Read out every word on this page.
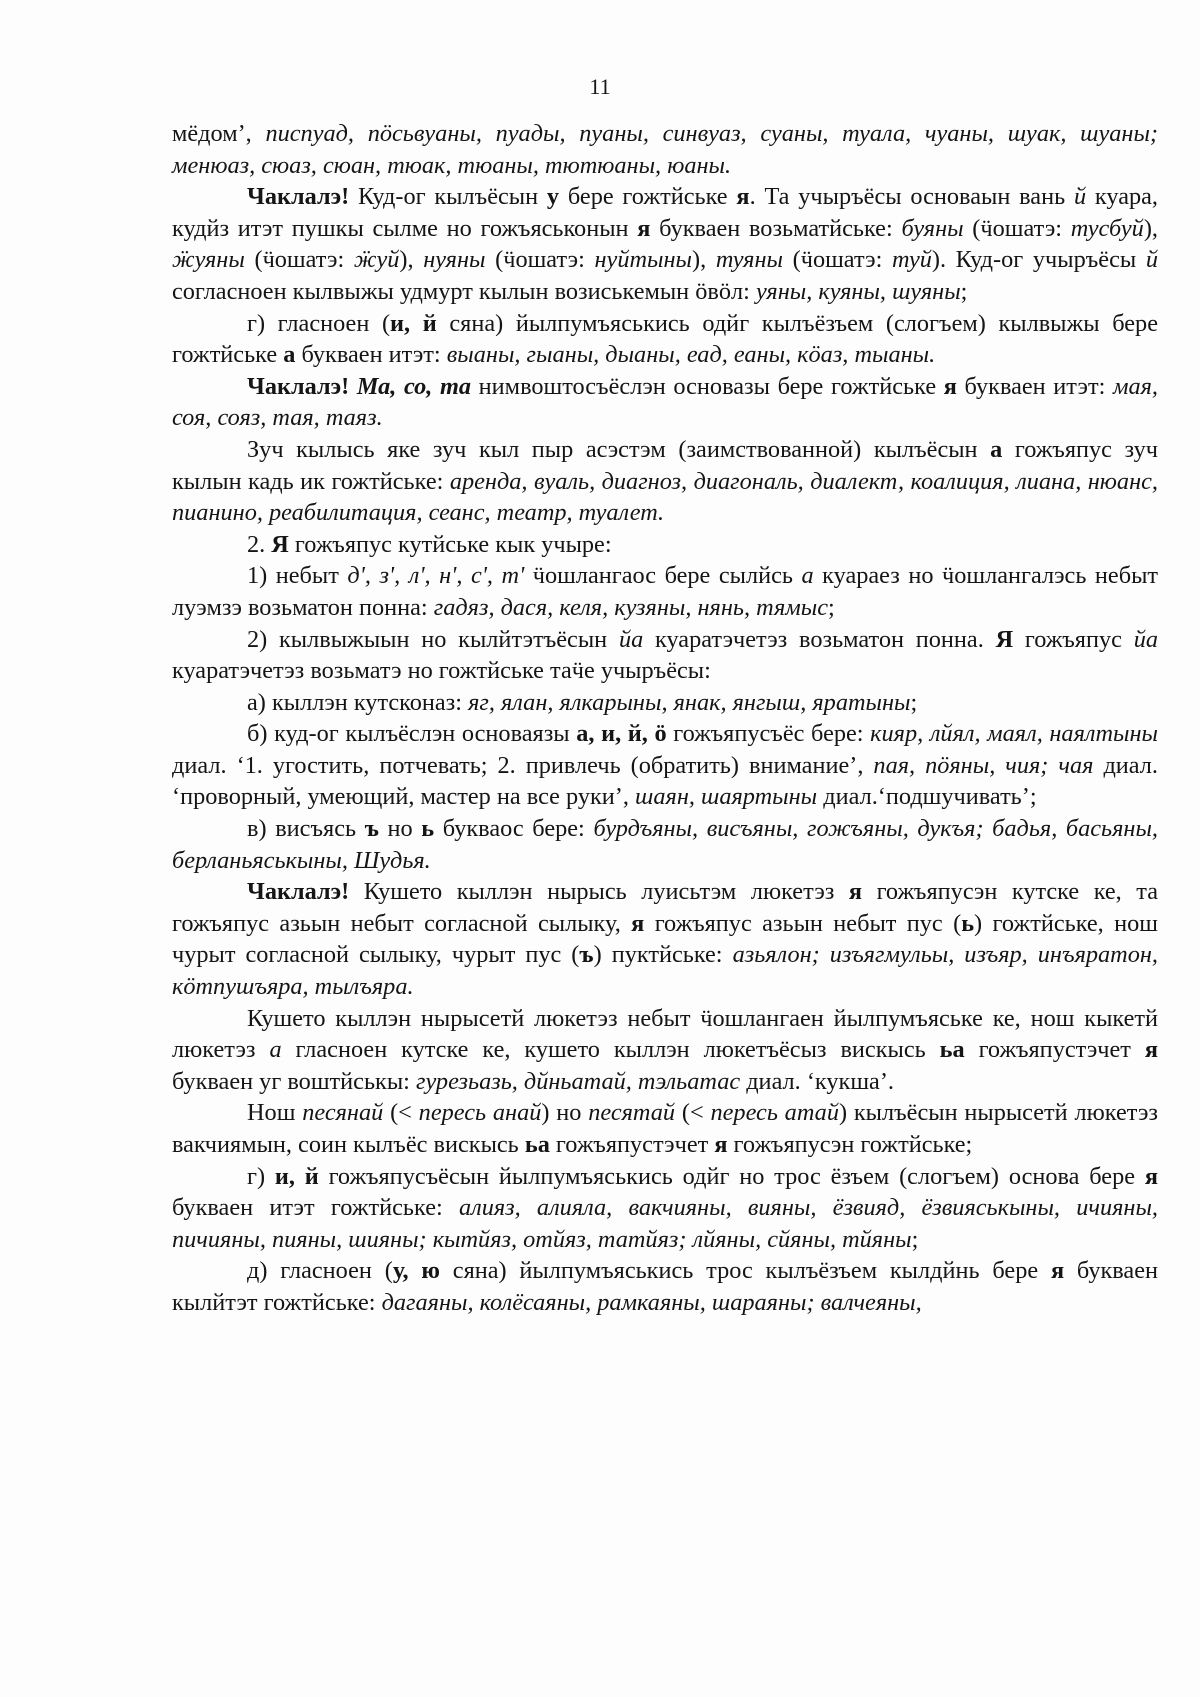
11

мёдом’, писпуад, пöсьвуаны, пуады, пуаны, синвуаз, суаны, туала, чуаны, шуак, шуаны; менюаз, сюаз, сюан, тюак, тюаны, тютюаны, юаны.

Чаклалэ! Куд-ог кылъёсын у бере гожтйське я. Та учыръёсы основаын вань й куара, кудйз итэт пушкы сылме но гожъяськонын я букваен возьматйське: буяны (ӵошатэ: тусбуй), ӝуяны (ӵошатэ: ӝуй), нуяны (ӵошатэ: нуйтыны), туяны (ӵошатэ: туй). Куд-ог учыръёсы й согласноен кылвыжы удмурт кылын возиськемын öвöл: уяны, куяны, шуяны;

г) гласноен (и, й сяна) йылпумъяськись одйг кылъёзъем (слогъем) кылвыжы бере гожтйське а букваен итэт: выаны, гыаны, дыаны, еад, еаны, кöаз, тыаны.

Чаклалэ! Ма, со, та нимвоштосъёслэн основазы бере гожтйське я букваен итэт: мая, соя, сояз, тая, таяз.

Зуч кылысь яке зуч кыл пыр асэстэм (заимствованной) кылъёсын а гожъяпус зуч кылын кадь ик гожтйське: аренда, вуаль, диагноз, диагональ, диалект, коалиция, лиана, нюанс, пианино, реабилитация, сеанс, театр, туалет.

2. Я гожъяпус кутйське кык учыре:

1) небыт д', з', л', н', с', т' ӵошлангаос бере сылйсь а куараез но ӵошлангалэсь небыт луэмзэ возьматон понна: гадяз, дася, келя, кузяны, нянь, тямыс;

2) кылвыжыын но кылйтэтъёсын йа куаратэчетэз возьматон понна. Я гожъяпус йа куаратэчетэз возьматэ но гожтйське таӵе учыръёсы:

а) кыллэн кутсконаз: яг, ялан, ялкарыны, янак, янгыш, яратыны;

б) куд-ог кылъёслэн основаязы а, и, й, ö гожъяпусъёс бере: кияр, лйял, маял, наялтыны диал. ‘1. угостить, потчевать; 2. привлечь (обратить) внимание’, пая, пöяны, чия; чая диал. ‘проворный, умеющий, мастер на все руки’, шаян, шаяртыны диал.‘подшучивать’;

в) висъясь ъ но ь букваос бере: бурдъяны, висъяны, гожъяны, дукъя; бадья, басьяны, берланьяськыны, Шудья.

Чаклалэ! Кушето кыллэн нырысь луисьтэм люкетэз я гожъяпусэн кутске ке, та гожъяпус азьын небыт согласной сылыку, я гожъяпус азьын небыт пус (ь) гожтйське, нош чурыт согласной сылыку, чурыт пус (ъ) пуктйське: азьялон; изъягмульы, изъяр, инъяратон, кöтпушъяра, тылъяра.

Кушето кыллэн нырысетй люкетэз небыт ӵошлангаен йылпумъяське ке, нош кыкетй люкетэз а гласноен кутске ке, кушето кыллэн люкетъёсыз вискысь ьа гожъяпустэчет я букваен уг воштйськы: гурезьазь, дйньатай, тэльатас диал. ‘кукша’.

Нош песянай (< пересь анай) но песятай (< пересь атай) кылъёсын нырысетй люкетэз вакчиямын, соин кылъёс вискысь ьа гожъяпустэчет я гожъяпусэн гожтйське;

г) и, й гожъяпусъёсын йылпумъяськись одйг но трос ёзъем (слогъем) основа бере я букваен итэт гожтйське: алияз, алияла, вакчияны, вияны, ёзвияд, ёзвияськыны, ичияны, пичияны, пияны, шияны; кытйяз, отйяз, татйяз; лйяны, сйяны, тйяны;

д) гласноен (у, ю сяна) йылпумъяськись трос кылъёзъем кылдйнь бере я букваен кылйтэт гожтйське: дагаяны, колёсаяны, рамкаяны, шараяны; валчеяны,
